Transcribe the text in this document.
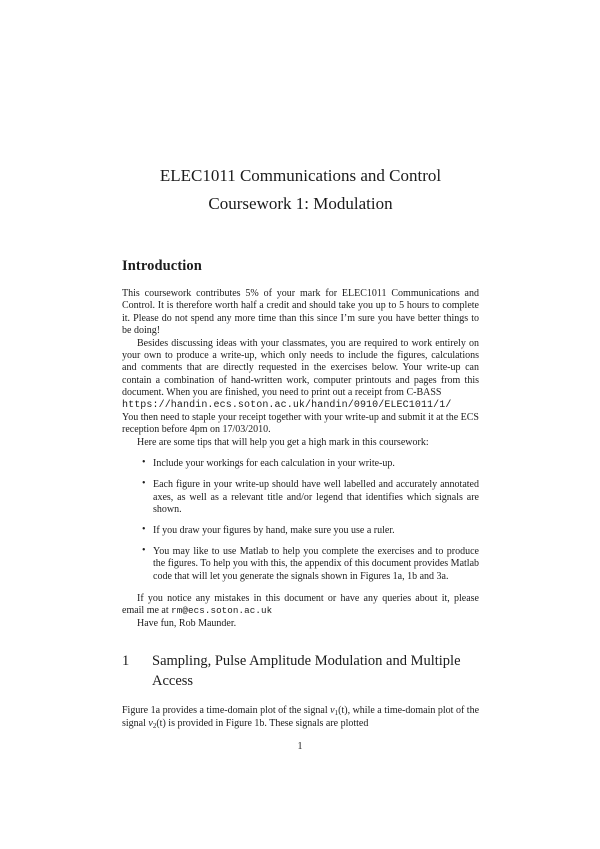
ELEC1011 Communications and Control
Coursework 1: Modulation
Introduction

This coursework contributes 5% of your mark for ELEC1011 Communications and Control. It is therefore worth half a credit and should take you up to 5 hours to complete it. Please do not spend any more time than this since I’m sure you have better things to be doing!

Besides discussing ideas with your classmates, you are required to work entirely on your own to produce a write-up, which only needs to include the figures, calculations and comments that are directly requested in the exercises below. Your write-up can contain a combination of hand-written work, computer printouts and pages from this document. When you are finished, you need to print out a receipt from C-BASS

https://handin.ecs.soton.ac.uk/handin/0910/ELEC1011/1/

You then need to staple your receipt together with your write-up and submit it at the ECS reception before 4pm on 17/03/2010.

Here are some tips that will help you get a high mark in this coursework:

• Include your workings for each calculation in your write-up.
• Each figure in your write-up should have well labelled and accurately annotated axes, as well as a relevant title and/or legend that identifies which signals are shown.
• If you draw your figures by hand, make sure you use a ruler.
• You may like to use Matlab to help you complete the exercises and to produce the figures. To help you with this, the appendix of this document provides Matlab code that will let you generate the signals shown in Figures 1a, 1b and 3a.

If you notice any mistakes in this document or have any queries about it, please email me at rm@ecs.soton.ac.uk

Have fun, Rob Maunder.

1	Sampling, Pulse Amplitude Modulation and Multiple Access

Figure 1a provides a time-domain plot of the signal $v_1(t)$, while a time-domain plot of the signal $v_2(t)$ is provided in Figure 1b. These signals are plotted

1
